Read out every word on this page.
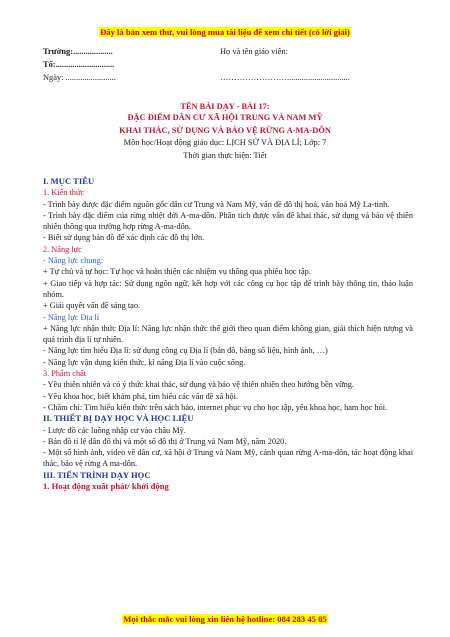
Đây là bản xem thử, vui lòng mua tài liệu để xem chi tiết (có lời giải)
Trường:...................	Họ và tên giáo viên:
Tổ:............................
Ngày: ........................	……………………..............................
TÊN BÀI DẠY - BÀI 17:
ĐẶC ĐIỂM DÂN CƯ XÃ HỘI TRUNG VÀ NAM MỸ
KHAI THÁC, SỬ DỤNG VÀ BẢO VỆ RỪNG A-MA-DÔN
Môn học/Hoạt động giáo dục: LỊCH SỬ VÀ ĐỊA LÍ; Lớp: 7
Thời gian thực hiện: Tiết

I. MỤC TIÊU

1. Kiến thức

- Trình bày được đặc điểm nguồn gốc dân cư Trung và Nam Mỹ, vấn đề đô thị hoá, văn hoá Mỹ La-tinh.

- Trình bày đặc điểm của rừng nhiệt đới A-ma-dôn. Phân tích được vấn đề khai thác, sử dụng và bảo vệ thiên nhiên thông qua trường hợp rừng A-ma-dôn.

- Biết sử dụng bản đồ để xác định các đô thị lớn.

2. Năng lực

- Năng lực chung:

+ Tự chủ và tự học: Tự học và hoàn thiện các nhiệm vụ thông qua phiếu học tập.

+ Giao tiếp và hợp tác: Sử dụng ngôn ngữ, kết hợp với các công cụ học tập để trình bày thông tin, thảo luận nhóm.

+ Giải quyết vấn đề sáng tạo.

- Năng lực Địa lí

+ Năng lực nhận thức Địa lí: Năng lực nhận thức thế giới theo quan điểm không gian, giải thích hiện tượng và quá trình địa lí tự nhiên.

- Năng lực tìm hiểu Địa lí: sử dụng công cụ Địa lí (bản đồ, bảng số liệu, hình ảnh, …)

- Năng lực vận dụng kiến thức, kĩ năng Địa lí vào cuộc sống.

3. Phẩm chất

- Yêu thiên nhiên và có ý thức khai thác, sử dụng và bảo vệ thiên nhiên theo hướng bền vững.

- Yêu khoa học, biết khám phá, tìm hiểu các vấn đề xã hội.

- Chăm chỉ: Tìm hiểu kiến thức trên sách báo, internet phục vụ cho học tập, yêu khoa học, ham học hỏi.

II. THIẾT BỊ DẠY HỌC VÀ HỌC LIỆU

- Lược đồ các luồng nhập cư vào châu Mỹ.

- Bản đồ tỉ lệ dân đô thị và một số đô thị ở Trung và Nam Mỹ, năm 2020.

- Một số hình ảnh, video về dân cư, xã hội ở Trung và Nam Mỹ, cảnh quan rừng A-ma-dôn, tác hoạt động khai thác, bảo vệ rừng A ma-dôn.

III. TIẾN TRÌNH DẠY HỌC

1. Hoạt động xuất phát/ khởi động

Mọi thắc mắc vui lòng xin liên hệ hotline: 084 283 45 85
